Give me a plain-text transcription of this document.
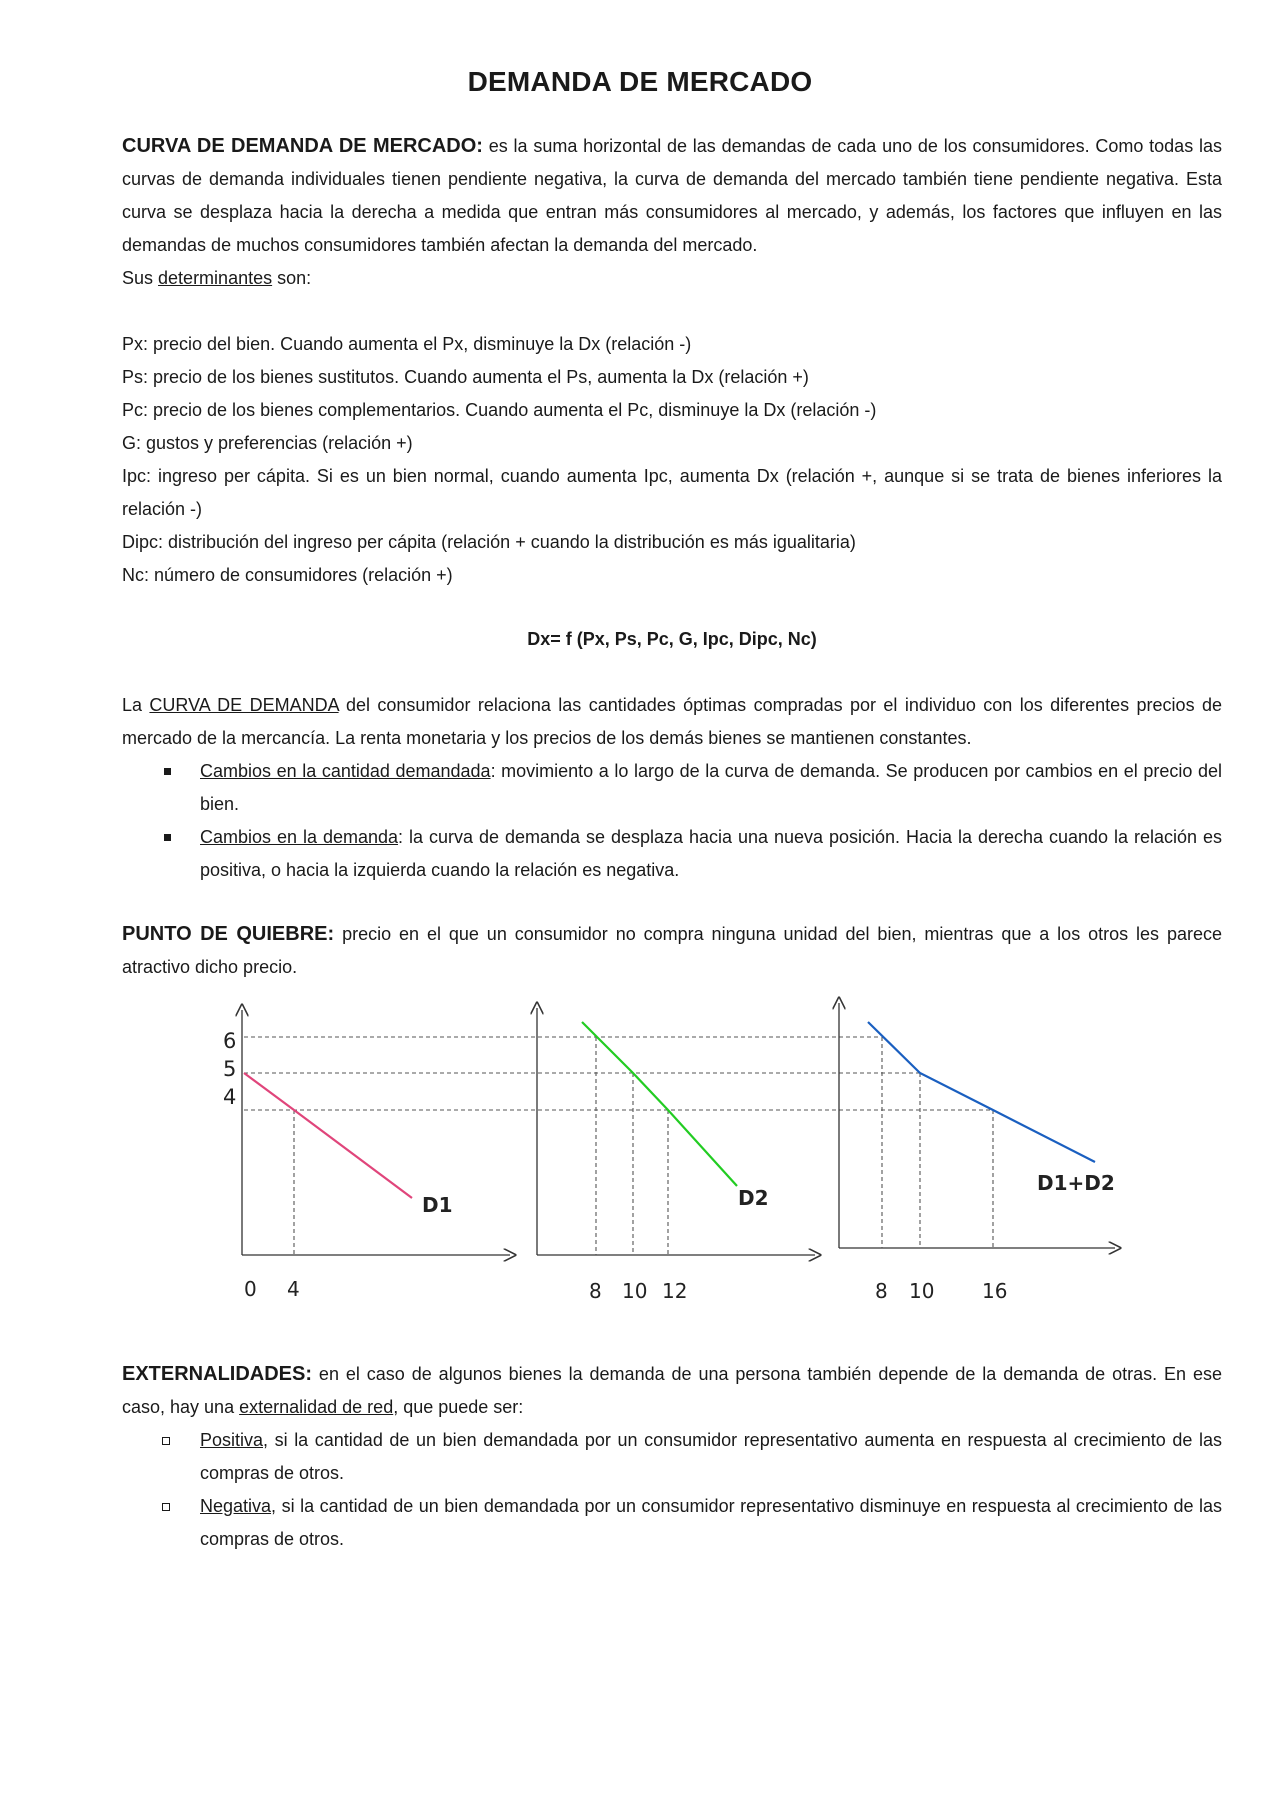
DEMANDA DE MERCADO

CURVA DE DEMANDA DE MERCADO: es la suma horizontal de las demandas de cada uno de los consumidores. Como todas las curvas de demanda individuales tienen pendiente negativa, la curva de demanda del mercado también tiene pendiente negativa. Esta curva se desplaza hacia la derecha a medida que entran más consumidores al mercado, y además, los factores que influyen en las demandas de muchos consumidores también afectan la demanda del mercado.

Sus determinantes son:

Px: precio del bien. Cuando aumenta el Px, disminuye la Dx (relación -)

Ps: precio de los bienes sustitutos. Cuando aumenta el Ps, aumenta la Dx (relación +)

Pc: precio de los bienes complementarios. Cuando aumenta el Pc, disminuye la Dx (relación -)

G: gustos y preferencias (relación +)

Ipc: ingreso per cápita. Si es un bien normal, cuando aumenta Ipc, aumenta Dx (relación +, aunque si se trata de bienes inferiores la relación -)

Dipc: distribución del ingreso per cápita (relación + cuando la distribución es más igualitaria)

Nc: número de consumidores (relación +)

Dx= f (Px, Ps, Pc, G, Ipc, Dipc, Nc)

La CURVA DE DEMANDA del consumidor relaciona las cantidades óptimas compradas por el individuo con los diferentes precios de mercado de la mercancía. La renta monetaria y los precios de los demás bienes se mantienen constantes.

Cambios en la cantidad demandada: movimiento a lo largo de la curva de demanda. Se producen por cambios en el precio del bien.
Cambios en la demanda: la curva de demanda se desplaza hacia una nueva posición. Hacia la derecha cuando la relación es positiva, o hacia la izquierda cuando la relación es negativa.

PUNTO DE QUIEBRE: precio en el que un consumidor no compra ninguna unidad del bien, mientras que a los otros les parece atractivo dicho precio.

6
5
4
D1	D2
D1+D2
0 4	8 10 12	8 10 16

EXTERNALIDADES: en el caso de algunos bienes la demanda de una persona también depende de la demanda de otras. En ese caso, hay una externalidad de red, que puede ser:

Positiva, si la cantidad de un bien demandada por un consumidor representativo aumenta en respuesta al crecimiento de las compras de otros.
Negativa, si la cantidad de un bien demandada por un consumidor representativo disminuye en respuesta al crecimiento de las compras de otros.
